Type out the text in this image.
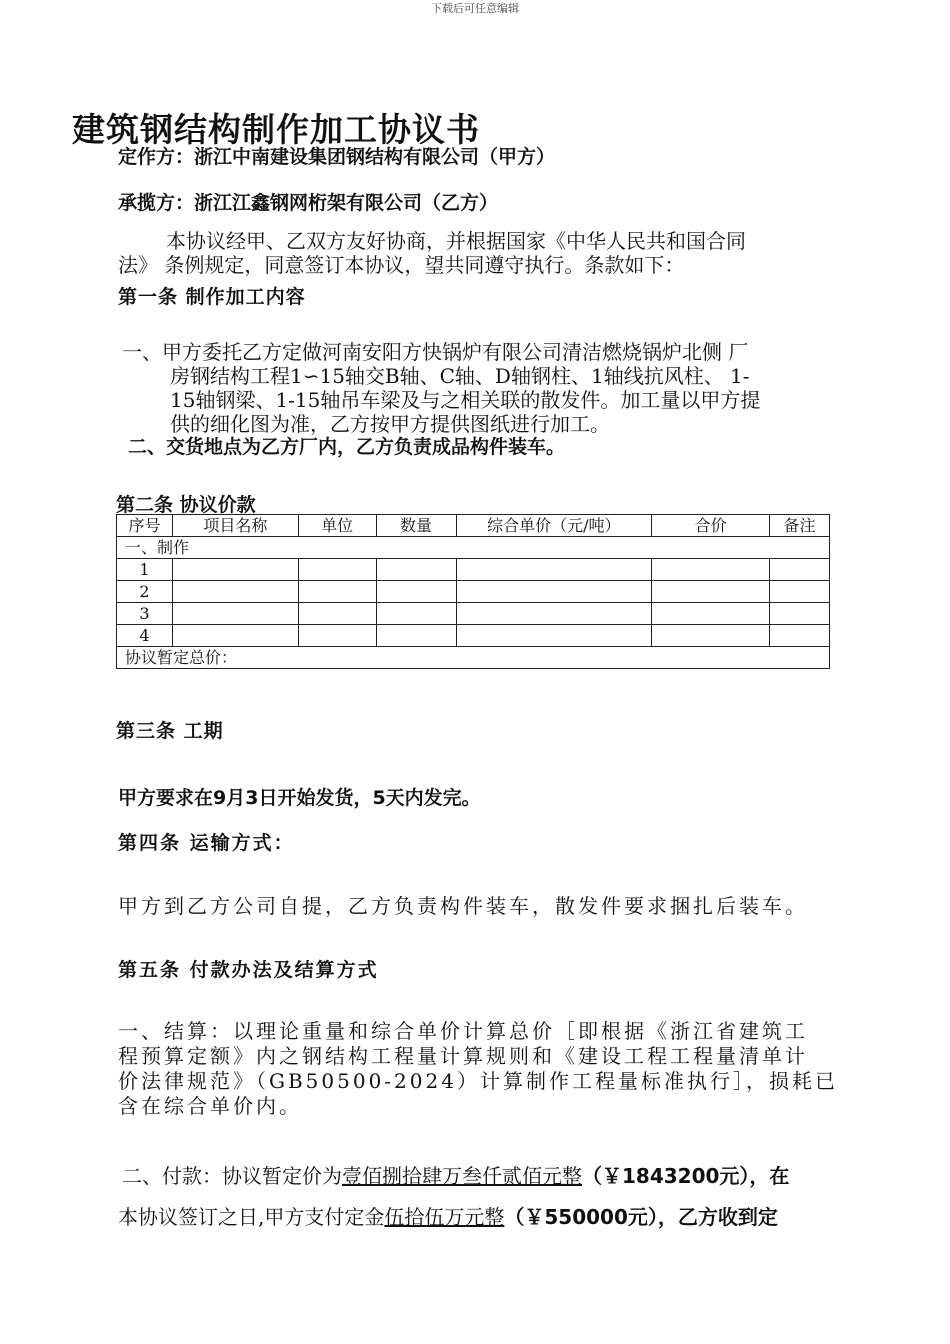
下载后可任意编辑
建筑钢结构制作加工协议书
定作方：浙江中南建设集团钢结构有限公司（甲方）
承揽方：浙江江鑫钢网桁架有限公司（乙方）
本协议经甲、乙双方友好协商，并根据国家《中华人民共和国合同
法》 条例规定，同意签订本协议，望共同遵守执行。条款如下：
第一条 制作加工内容
一、甲方委托乙方定做河南安阳方快锅炉有限公司清洁燃烧锅炉北侧 厂
房钢结构工程1∽15轴交B轴、C轴、D轴钢柱、1轴线抗风柱、 1-
15轴钢梁、1-15轴吊车梁及与之相关联的散发件。加工量以甲方提
供的细化图为准，乙方按甲方提供图纸进行加工。
二、交货地点为乙方厂内，乙方负责成品构件装车。
第二条 协议价款
序号	项目名称	单位	数量	综合单价（元/吨）	合价	备注
一、制作						
1						
2						
3						
4						
协议暂定总价：						
第三条 工期
甲方要求在9月3日开始发货，5天内发完。
第四条 运输方式：
甲方到乙方公司自提，乙方负责构件装车，散发件要求捆扎后装车。
第五条 付款办法及结算方式
一、结算：以理论重量和综合单价计算总价［即根据《浙江省建筑工
程预算定额》内之钢结构工程量计算规则和《建设工程工程量清单计
价法律规范》（GB50500-2024）计算制作工程量标准执行］，损耗已
含在综合单价内。
二、付款：协议暂定价为壹佰捌拾肆万叁仟贰佰元整（￥1843200元），在
本协议签订之日,甲方支付定金伍拾伍万元整（￥550000元），乙方收到定
